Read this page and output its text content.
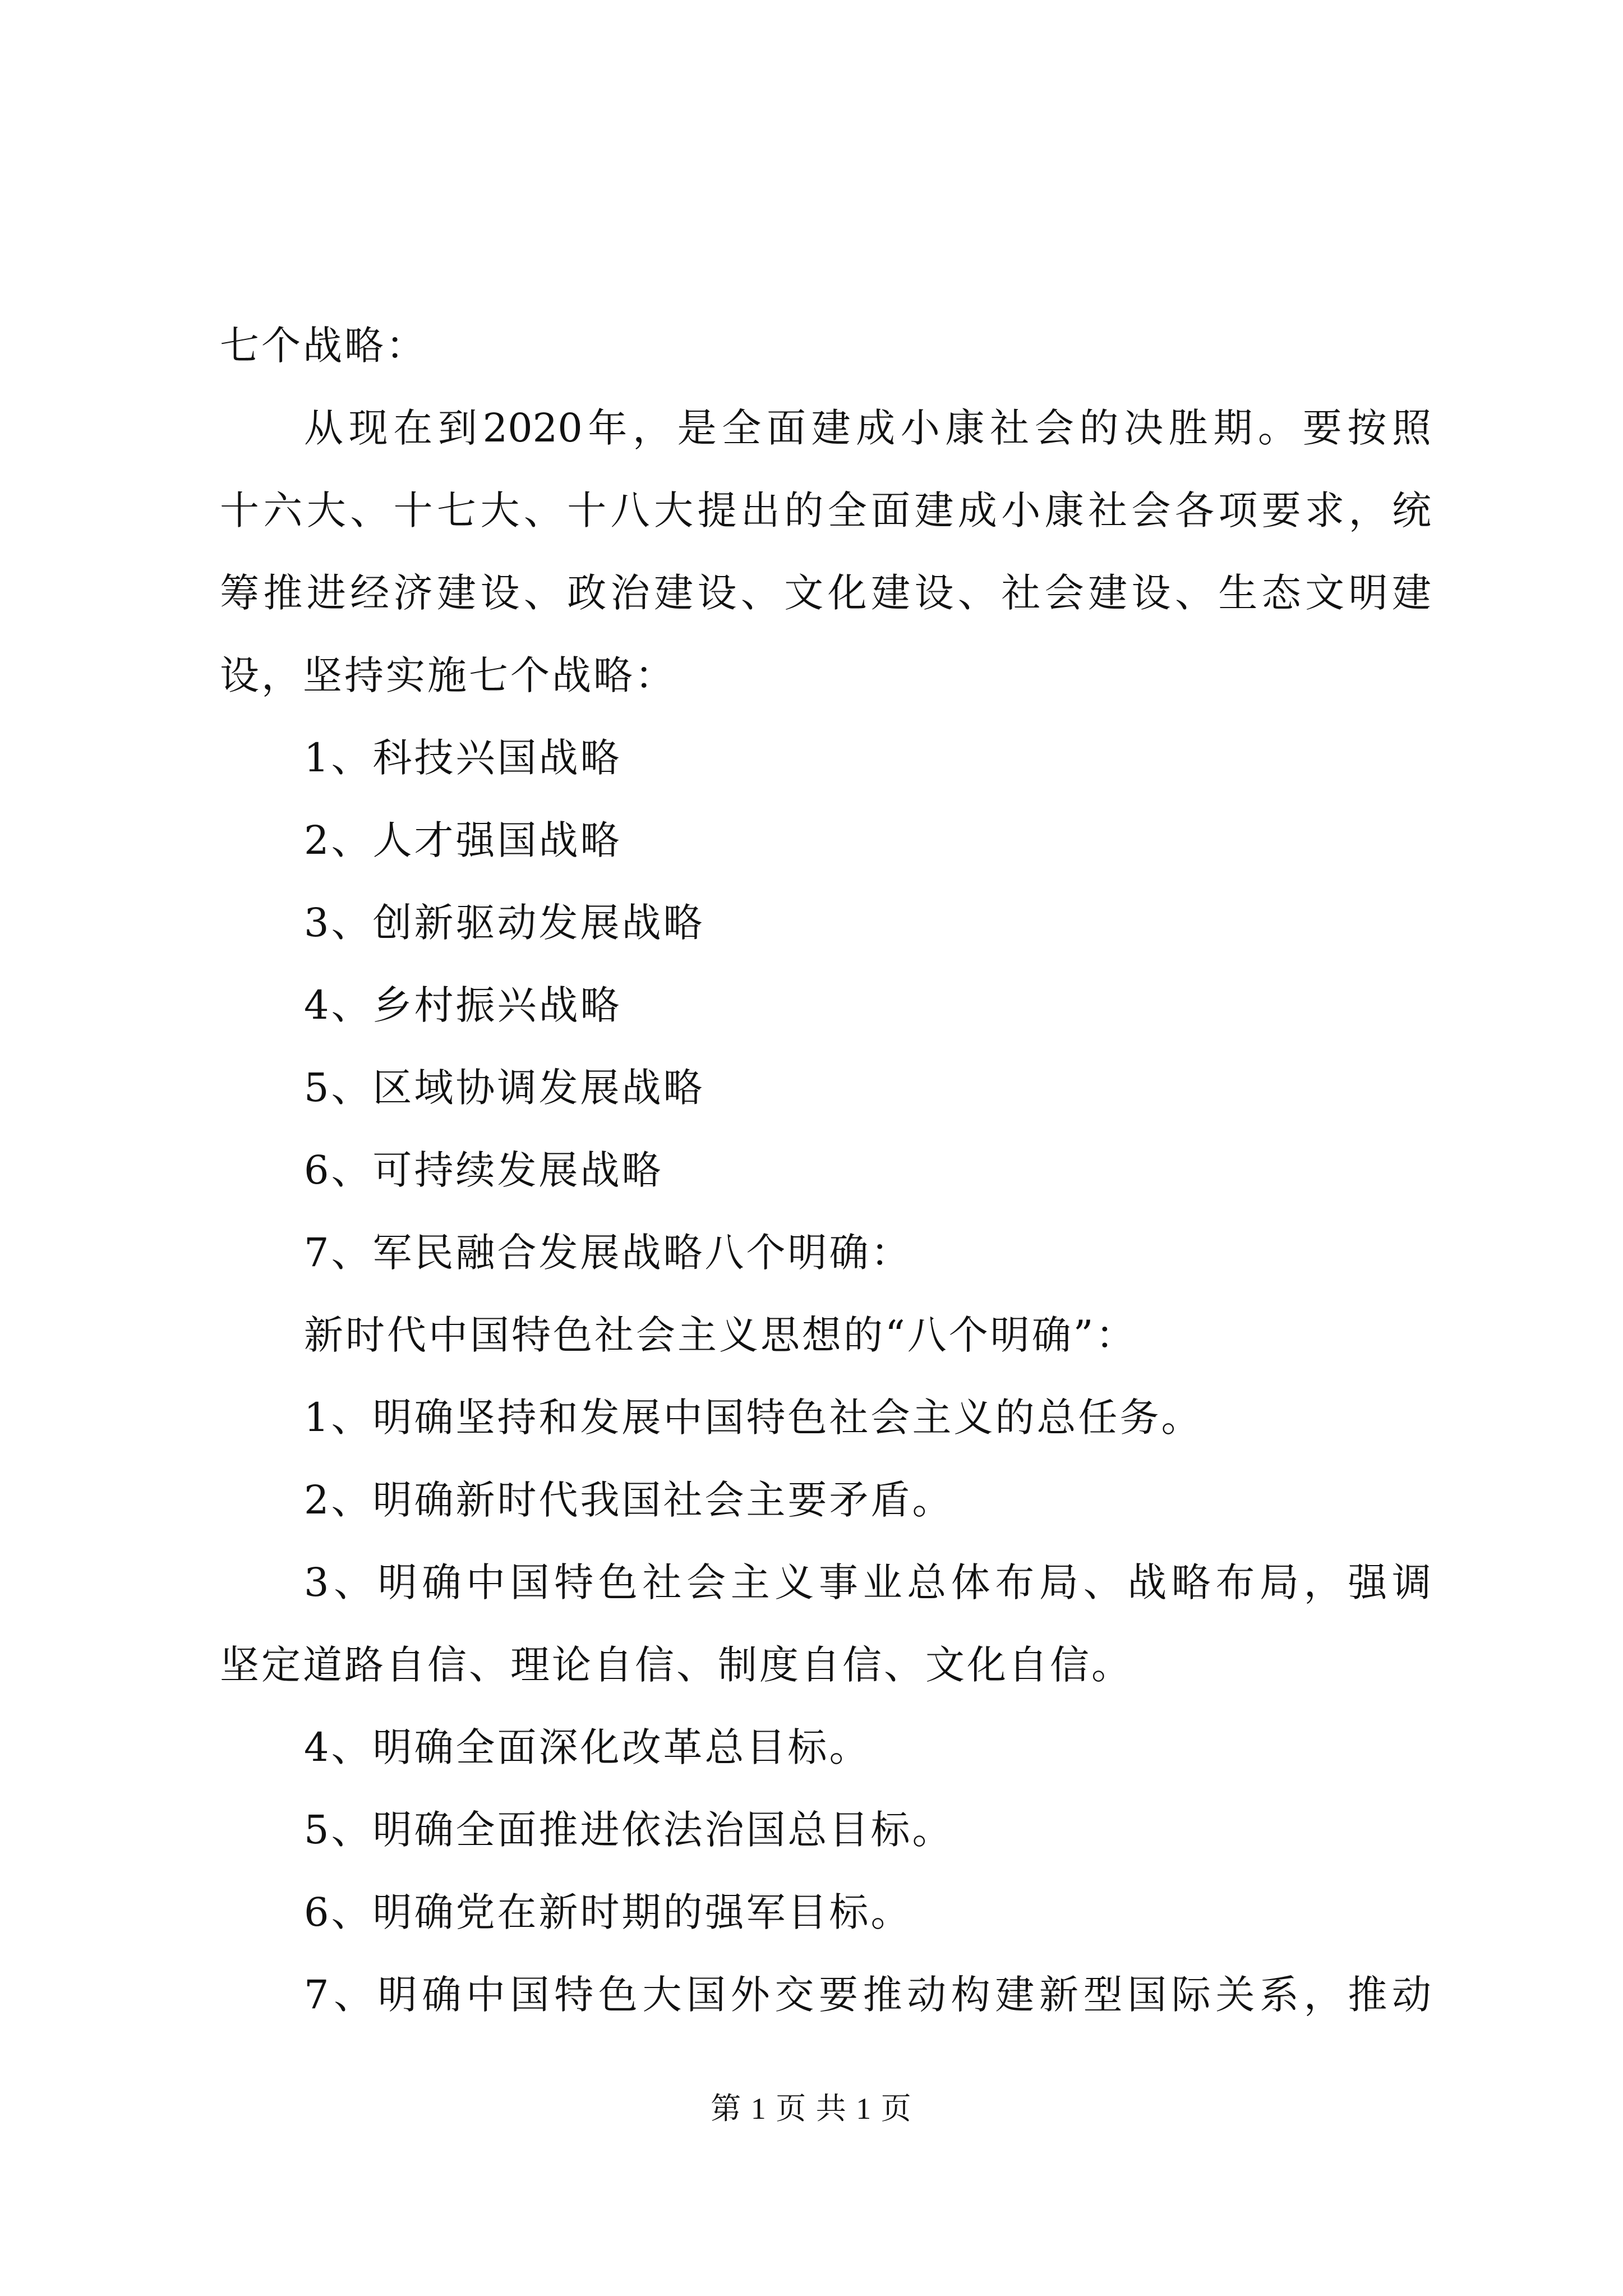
七个战略：
从现在到2020年，是全面建成小康社会的决胜期。要按照
十六大、十七大、十八大提出的全面建成小康社会各项要求，统
筹推进经济建设、政治建设、文化建设、社会建设、生态文明建
设，坚持实施七个战略：
1、科技兴国战略
2、人才强国战略
3、创新驱动发展战略
4、乡村振兴战略
5、区域协调发展战略
6、可持续发展战略
7、军民融合发展战略八个明确：
新时代中国特色社会主义思想的“八个明确”：
1、明确坚持和发展中国特色社会主义的总任务。
2、明确新时代我国社会主要矛盾。
3、明确中国特色社会主义事业总体布局、战略布局，强调
坚定道路自信、理论自信、制度自信、文化自信。
4、明确全面深化改革总目标。
5、明确全面推进依法治国总目标。
6、明确党在新时期的强军目标。
7、明确中国特色大国外交要推动构建新型国际关系，推动
第 1 页 共 1 页
